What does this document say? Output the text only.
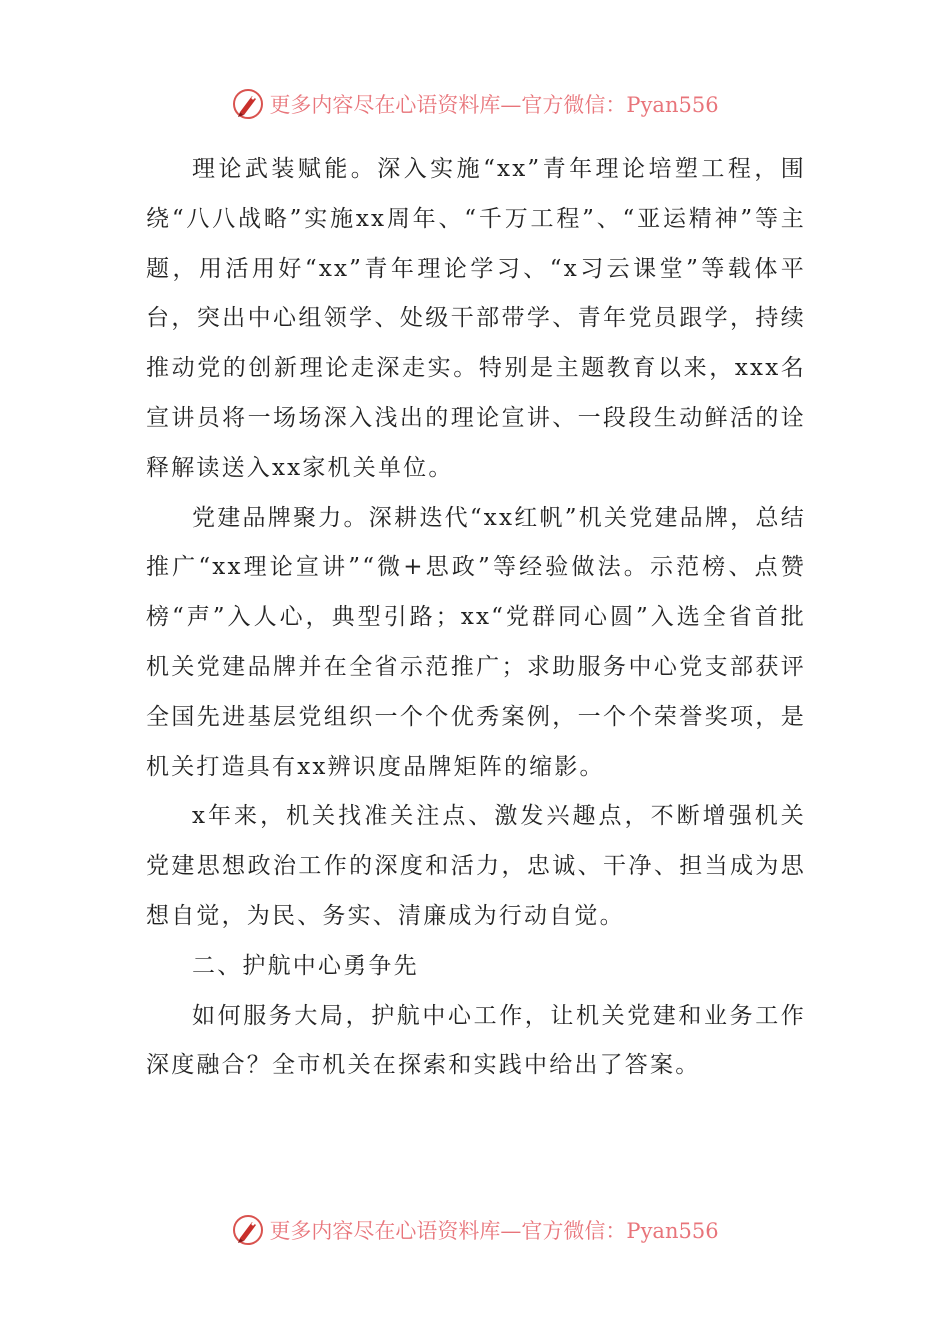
更多内容尽在心语资料库—官方微信：Pyan556

理论武装赋能。深入实施“xx”青年理论培塑工程，围绕“八八战略”实施xx周年、“千万工程”、“亚运精神”等主题，用活用好“xx”青年理论学习、“x习云课堂”等载体平台，突出中心组领学、处级干部带学、青年党员跟学，持续推动党的创新理论走深走实。特别是主题教育以来，xxx名宣讲员将一场场深入浅出的理论宣讲、一段段生动鲜活的诠释解读送入xx家机关单位。

党建品牌聚力。深耕迭代“xx红帆”机关党建品牌，总结推广“xx理论宣讲”“微+思政”等经验做法。示范榜、点赞榜“声”入人心，典型引路；xx“党群同心圆”入选全省首批机关党建品牌并在全省示范推广；求助服务中心党支部获评全国先进基层党组织一个个优秀案例，一个个荣誉奖项，是机关打造具有xx辨识度品牌矩阵的缩影。

x年来，机关找准关注点、激发兴趣点，不断增强机关党建思想政治工作的深度和活力，忠诚、干净、担当成为思想自觉，为民、务实、清廉成为行动自觉。

二、护航中心勇争先

如何服务大局，护航中心工作，让机关党建和业务工作深度融合？全市机关在探索和实践中给出了答案。

更多内容尽在心语资料库—官方微信：Pyan556
